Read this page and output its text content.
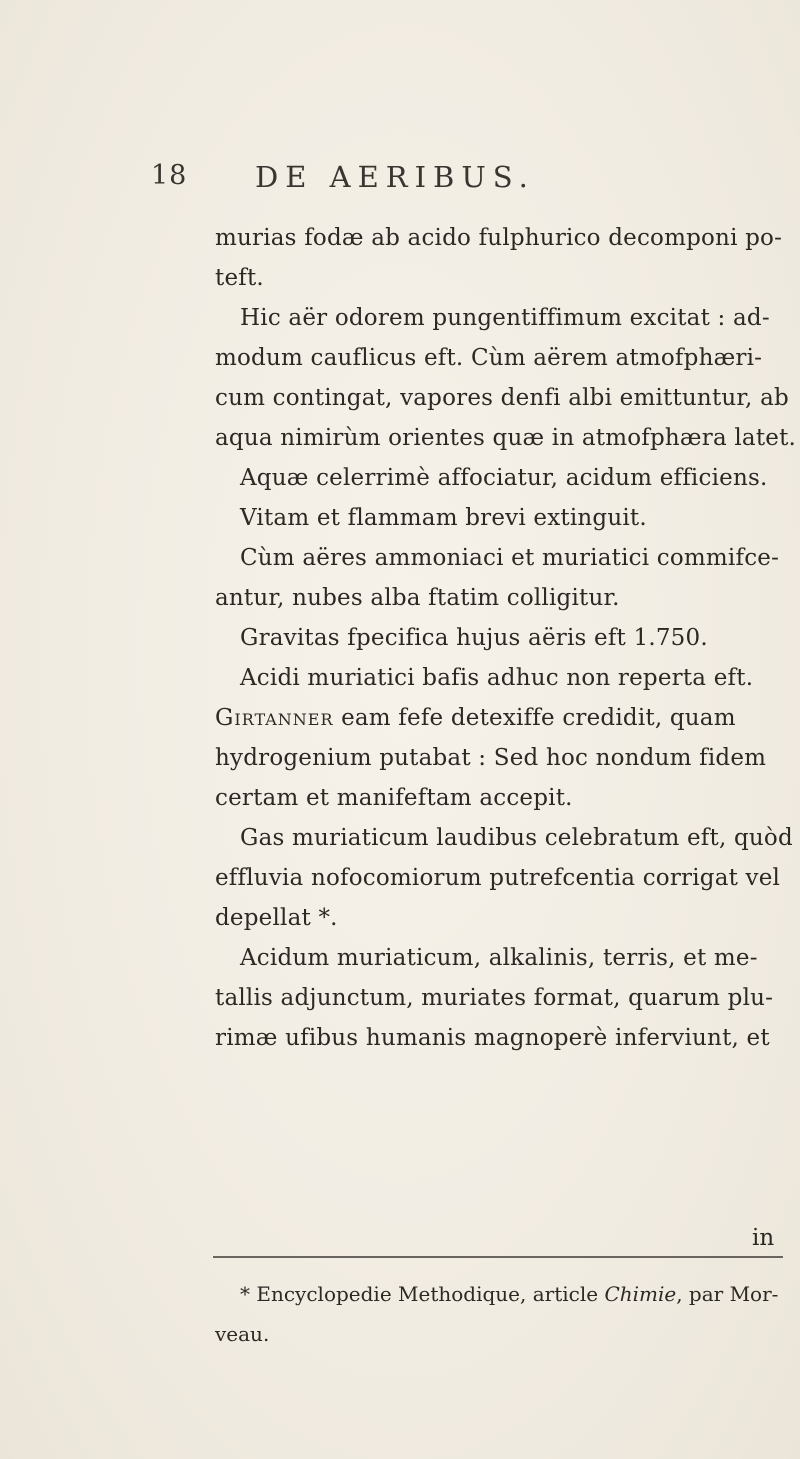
18 DE AERIBUS.
murias fodæ ab acido fulphurico decomponi po-
teft.
Hic aër odorem pungentiffimum excitat : ad-
modum cauflicus eft. Cùm aërem atmofphæri-
cum contingat, vapores denfi albi emittuntur, ab
aqua nimirùm orientes quæ in atmofphæra latet.
Aquæ celerrimè affociatur, acidum efficiens.
Vitam et flammam brevi extinguit.
Cùm aëres ammoniaci et muriatici commifce-
antur, nubes alba ftatim colligitur.
Gravitas fpecifica hujus aëris eft 1.750.
Acidi muriatici bafis adhuc non reperta eft.
Girtanner eam fefe detexiffe credidit, quam
hydrogenium putabat : Sed hoc nondum fidem
certam et manifeftam accepit.
Gas muriaticum laudibus celebratum eft, quòd
effluvia nofocomiorum putrefcentia corrigat vel
depellat *.
Acidum muriaticum, alkalinis, terris, et me-
tallis adjunctum, muriates format, quarum plu-
rimæ ufibus humanis magnoperè inferviunt, et
in
* Encyclopedie Methodique, article Chimie, par Mor-
veau.
